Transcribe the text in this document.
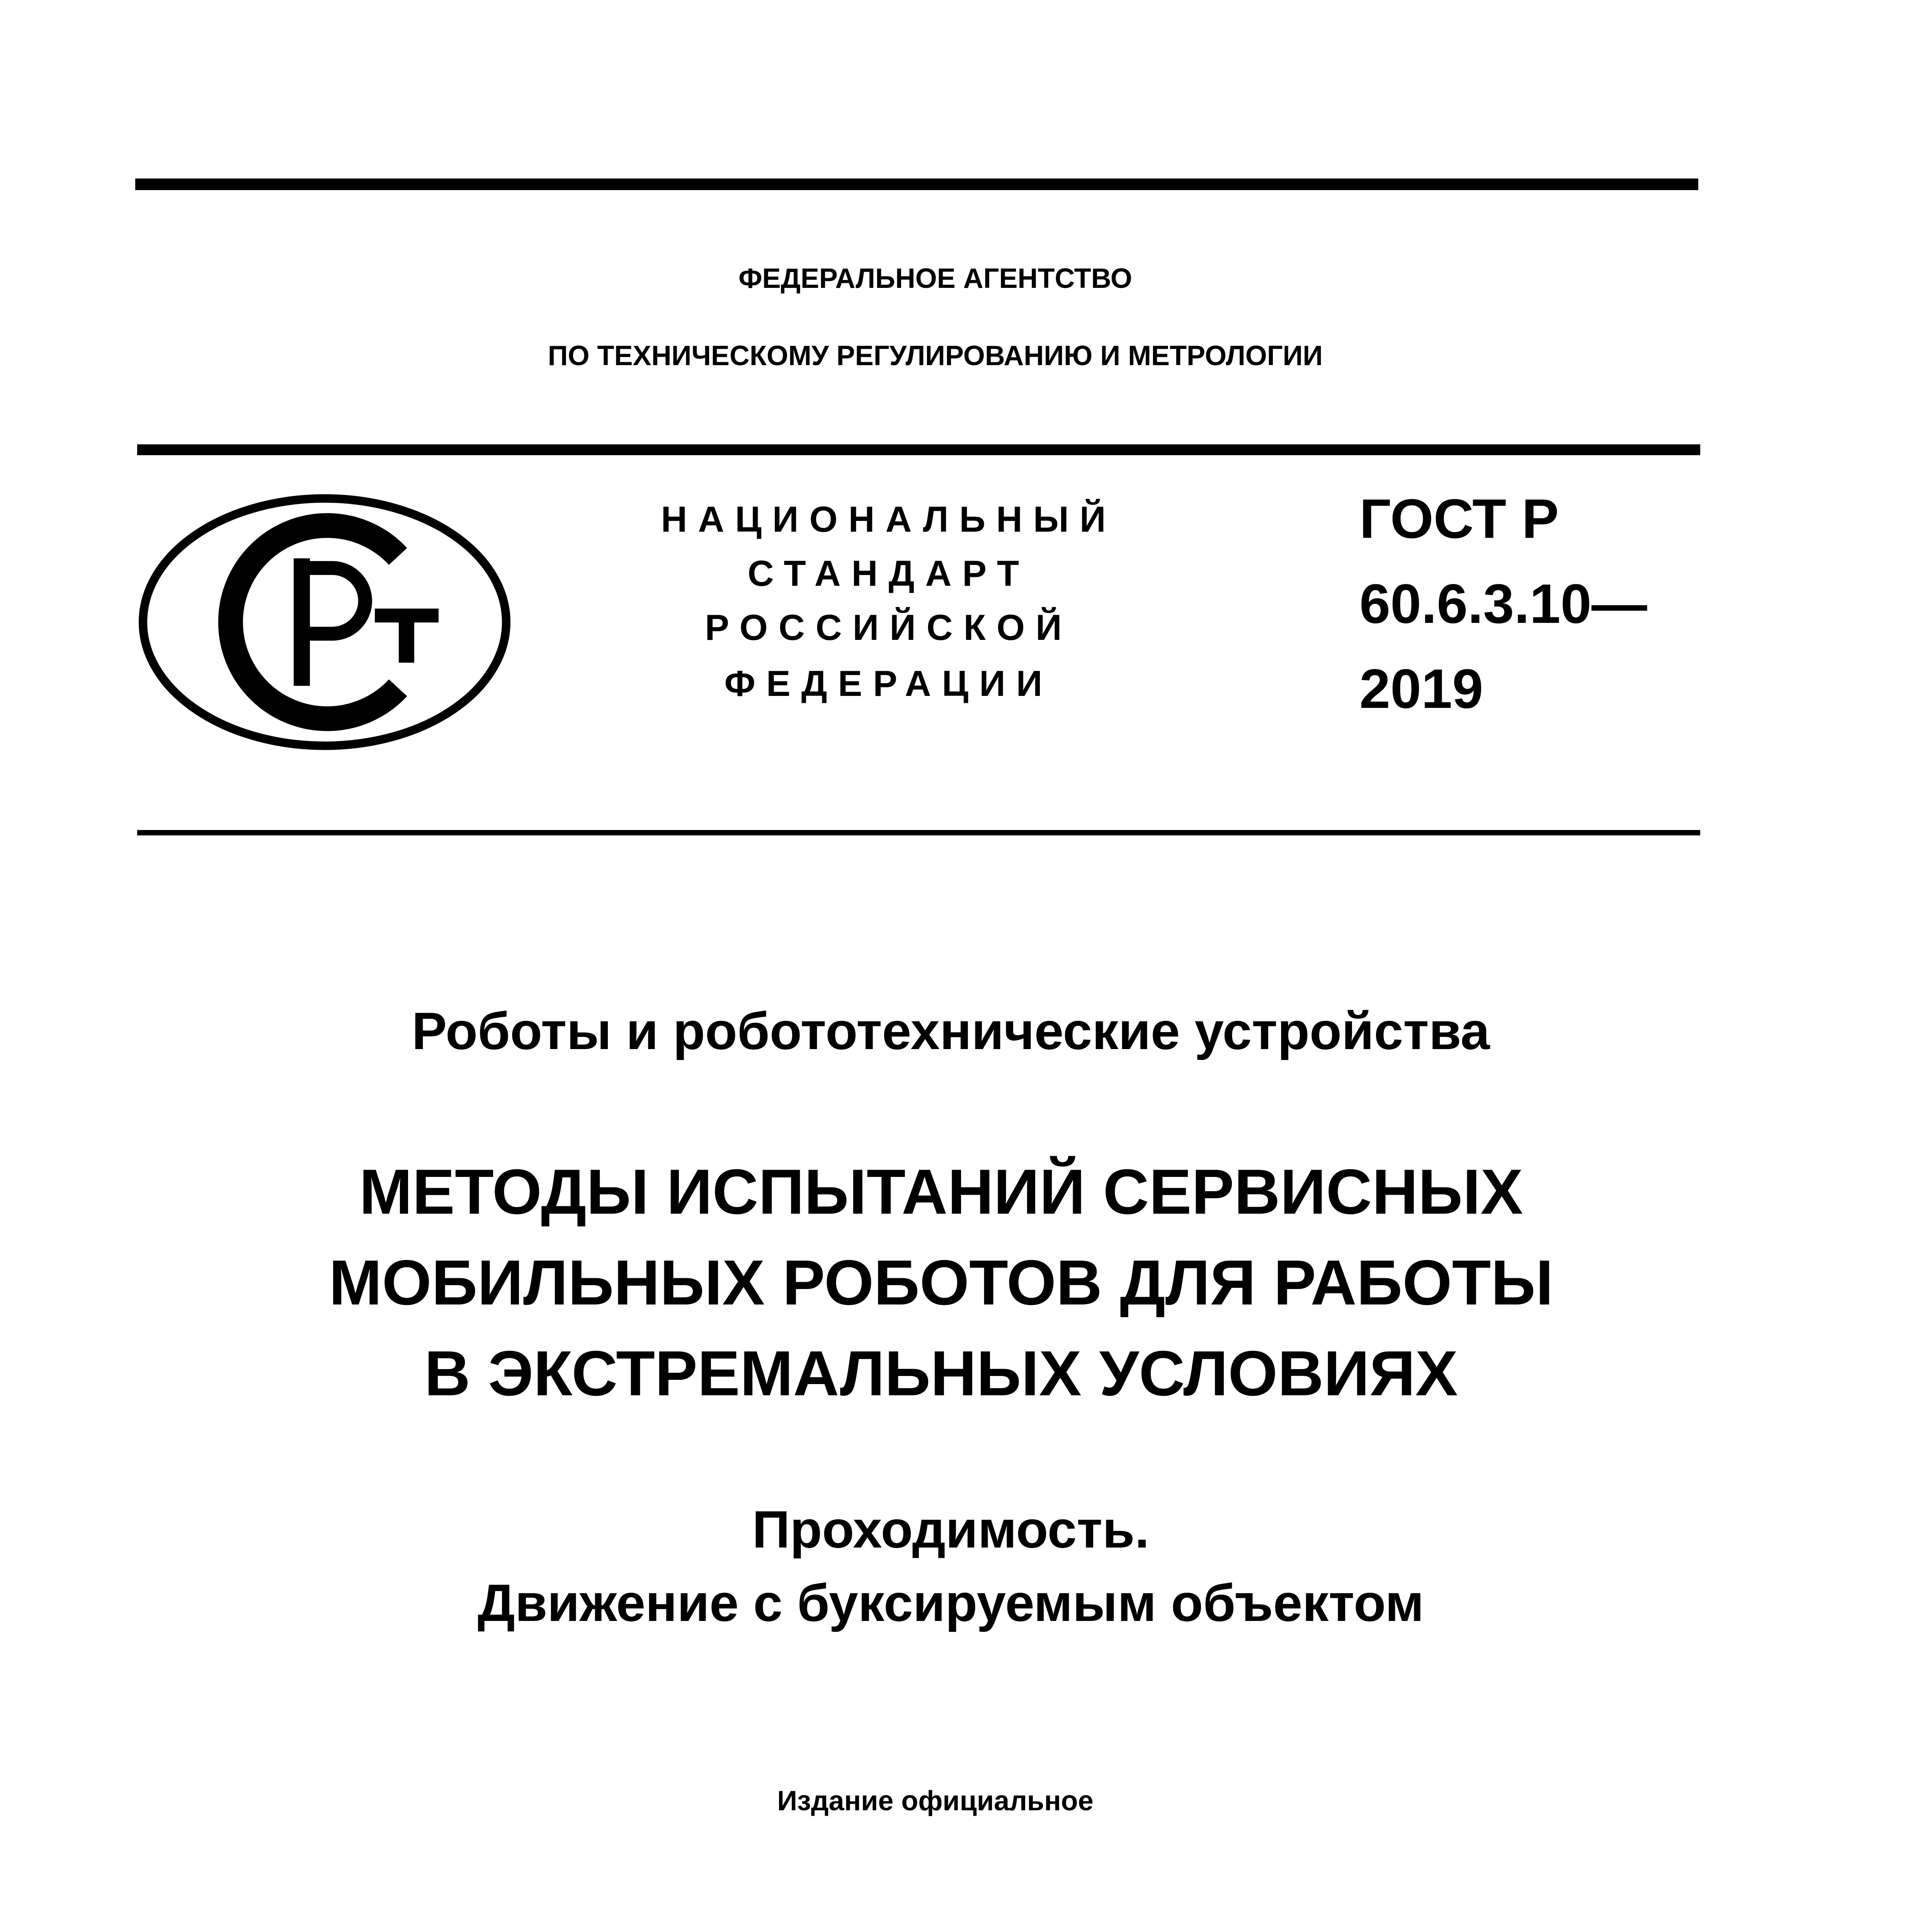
ФЕДЕРАЛЬНОЕ АГЕНТСТВО
ПО ТЕХНИЧЕСКОМУ РЕГУЛИРОВАНИЮ И МЕТРОЛОГИИ
НАЦИОНАЛЬНЫЙ
СТАНДАРТ
РОССИЙСКОЙ
ФЕДЕРАЦИИ
ГОСТ Р
60.6.3.10—
2019
Роботы и робототехнические устройства
МЕТОДЫ ИСПЫТАНИЙ СЕРВИСНЫХ
МОБИЛЬНЫХ РОБОТОВ ДЛЯ РАБОТЫ
В ЭКСТРЕМАЛЬНЫХ УСЛОВИЯХ
Проходимость.
Движение с буксируемым объектом
Издание официальное
